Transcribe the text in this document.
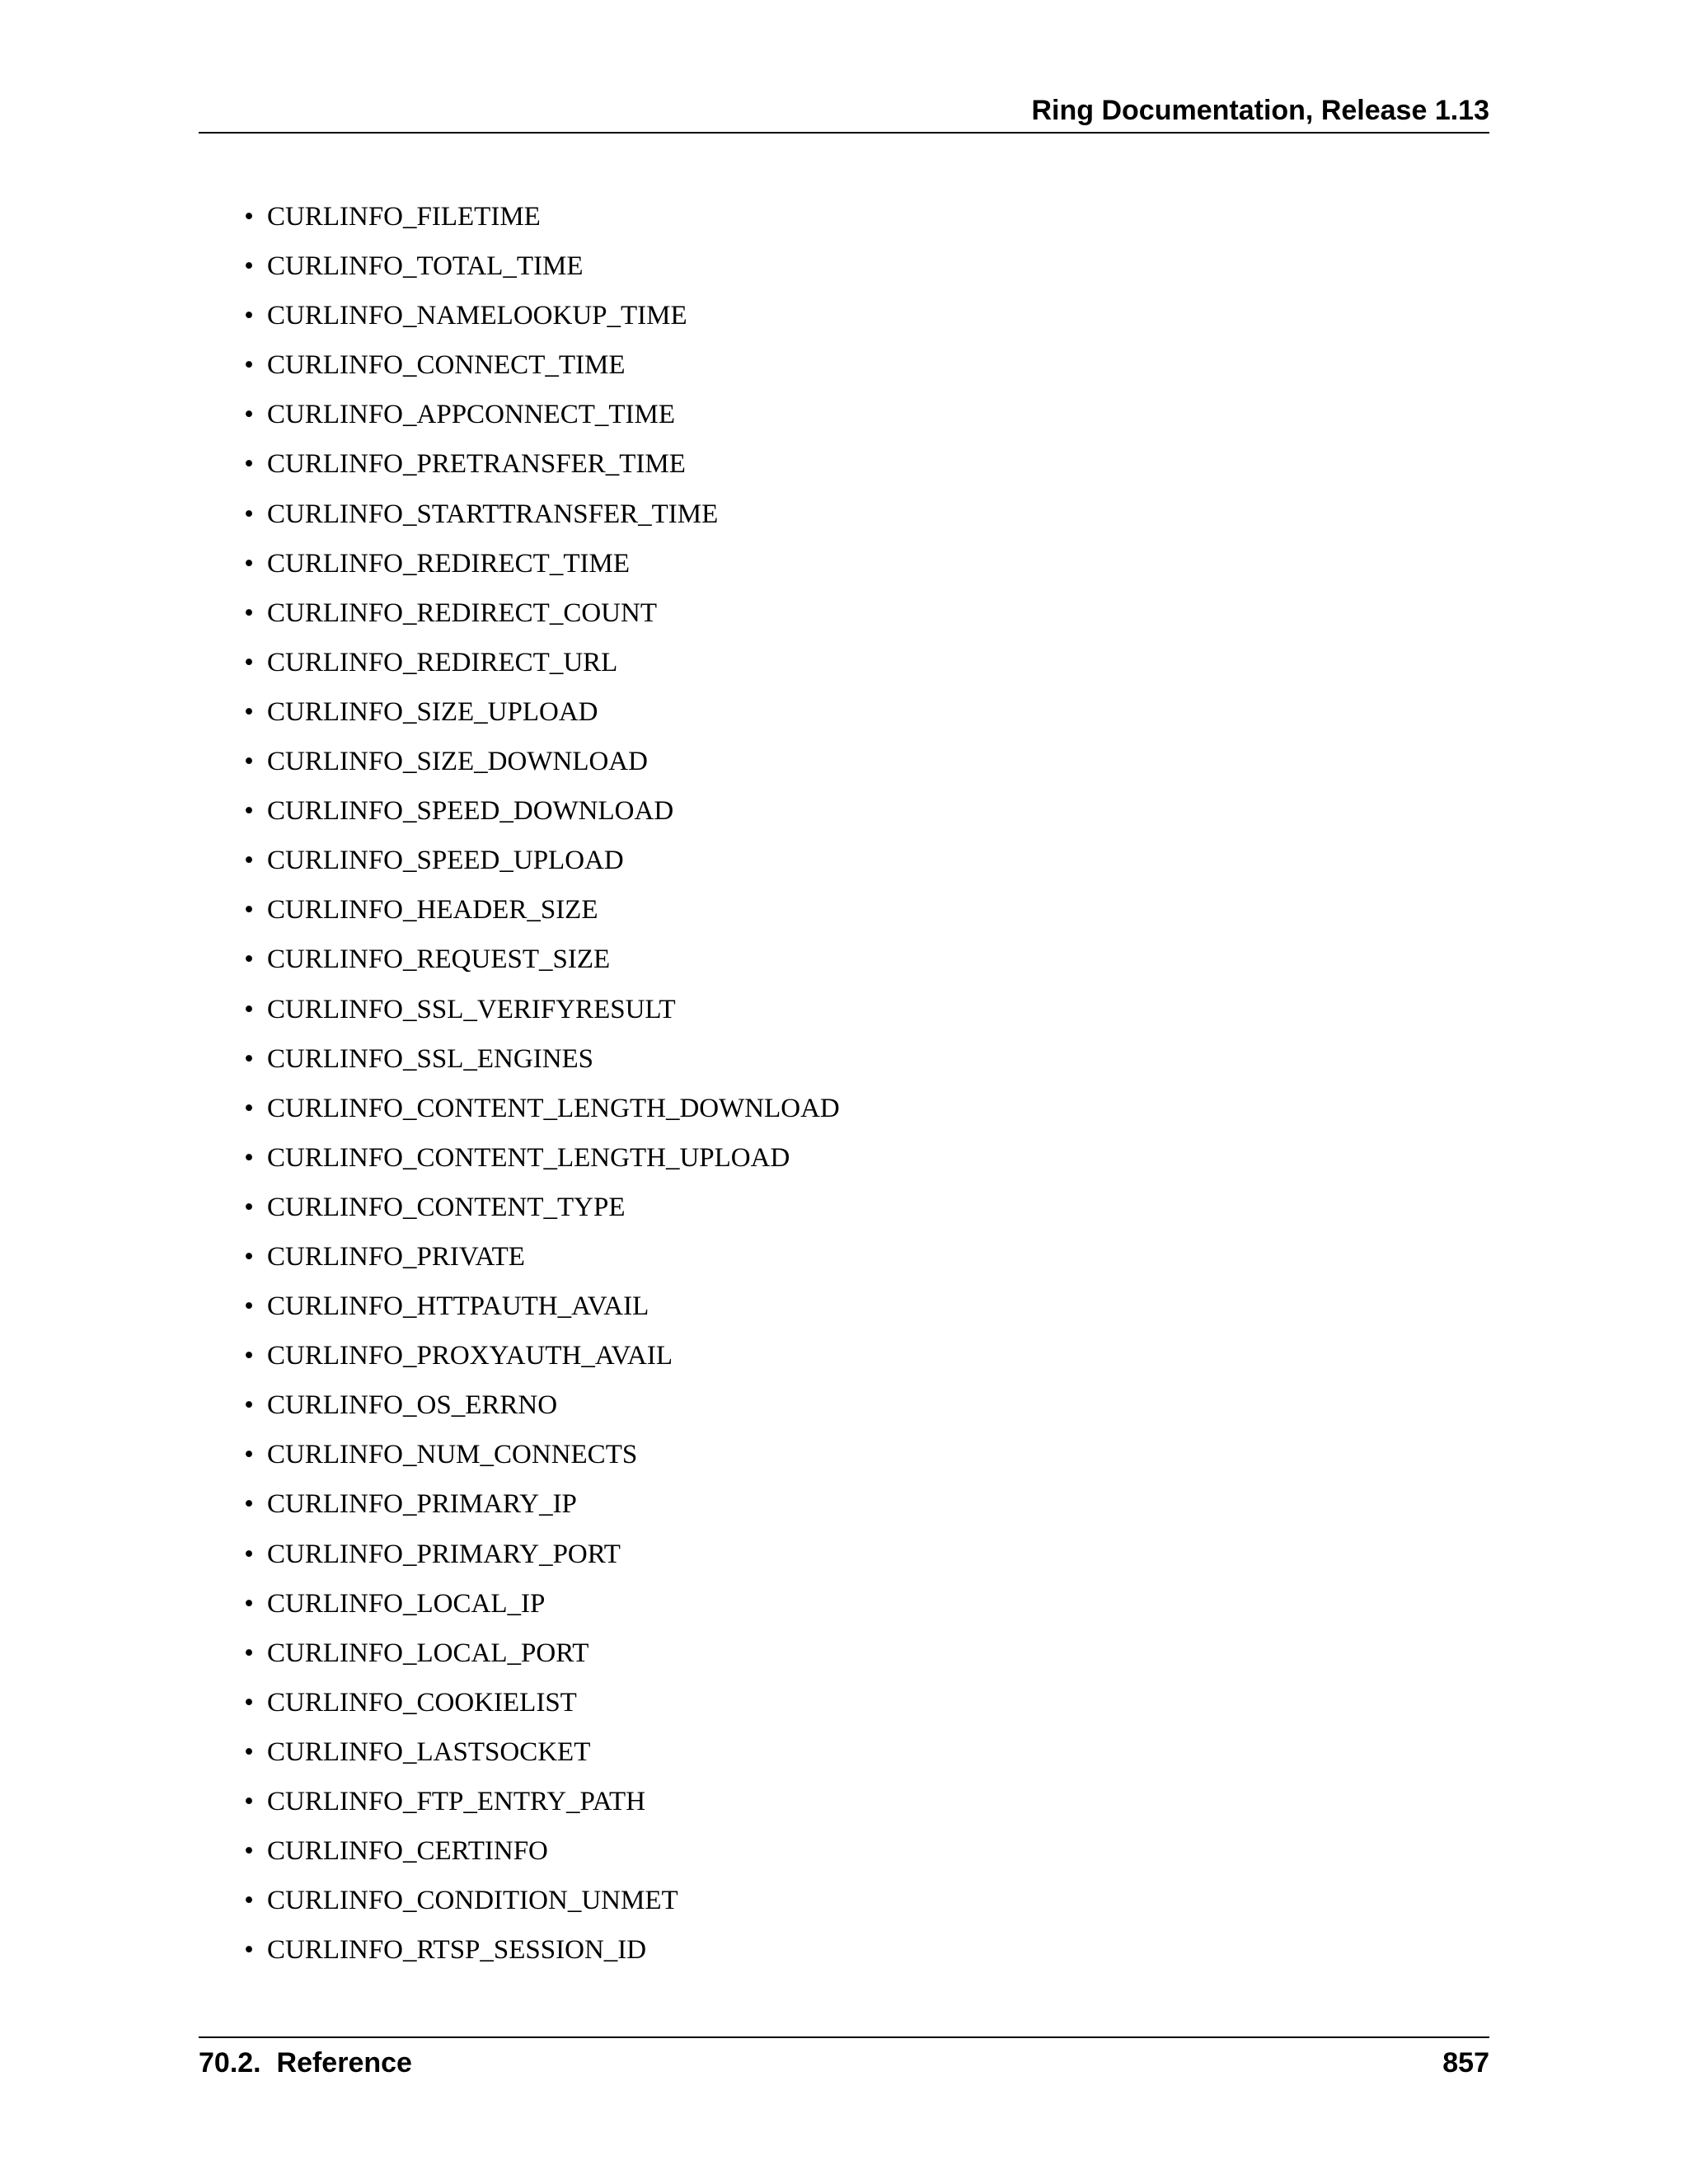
Ring Documentation, Release 1.13
• CURLINFO_FILETIME
• CURLINFO_TOTAL_TIME
• CURLINFO_NAMELOOKUP_TIME
• CURLINFO_CONNECT_TIME
• CURLINFO_APPCONNECT_TIME
• CURLINFO_PRETRANSFER_TIME
• CURLINFO_STARTTRANSFER_TIME
• CURLINFO_REDIRECT_TIME
• CURLINFO_REDIRECT_COUNT
• CURLINFO_REDIRECT_URL
• CURLINFO_SIZE_UPLOAD
• CURLINFO_SIZE_DOWNLOAD
• CURLINFO_SPEED_DOWNLOAD
• CURLINFO_SPEED_UPLOAD
• CURLINFO_HEADER_SIZE
• CURLINFO_REQUEST_SIZE
• CURLINFO_SSL_VERIFYRESULT
• CURLINFO_SSL_ENGINES
• CURLINFO_CONTENT_LENGTH_DOWNLOAD
• CURLINFO_CONTENT_LENGTH_UPLOAD
• CURLINFO_CONTENT_TYPE
• CURLINFO_PRIVATE
• CURLINFO_HTTPAUTH_AVAIL
• CURLINFO_PROXYAUTH_AVAIL
• CURLINFO_OS_ERRNO
• CURLINFO_NUM_CONNECTS
• CURLINFO_PRIMARY_IP
• CURLINFO_PRIMARY_PORT
• CURLINFO_LOCAL_IP
• CURLINFO_LOCAL_PORT
• CURLINFO_COOKIELIST
• CURLINFO_LASTSOCKET
• CURLINFO_FTP_ENTRY_PATH
• CURLINFO_CERTINFO
• CURLINFO_CONDITION_UNMET
• CURLINFO_RTSP_SESSION_ID
70.2.  Reference	857
